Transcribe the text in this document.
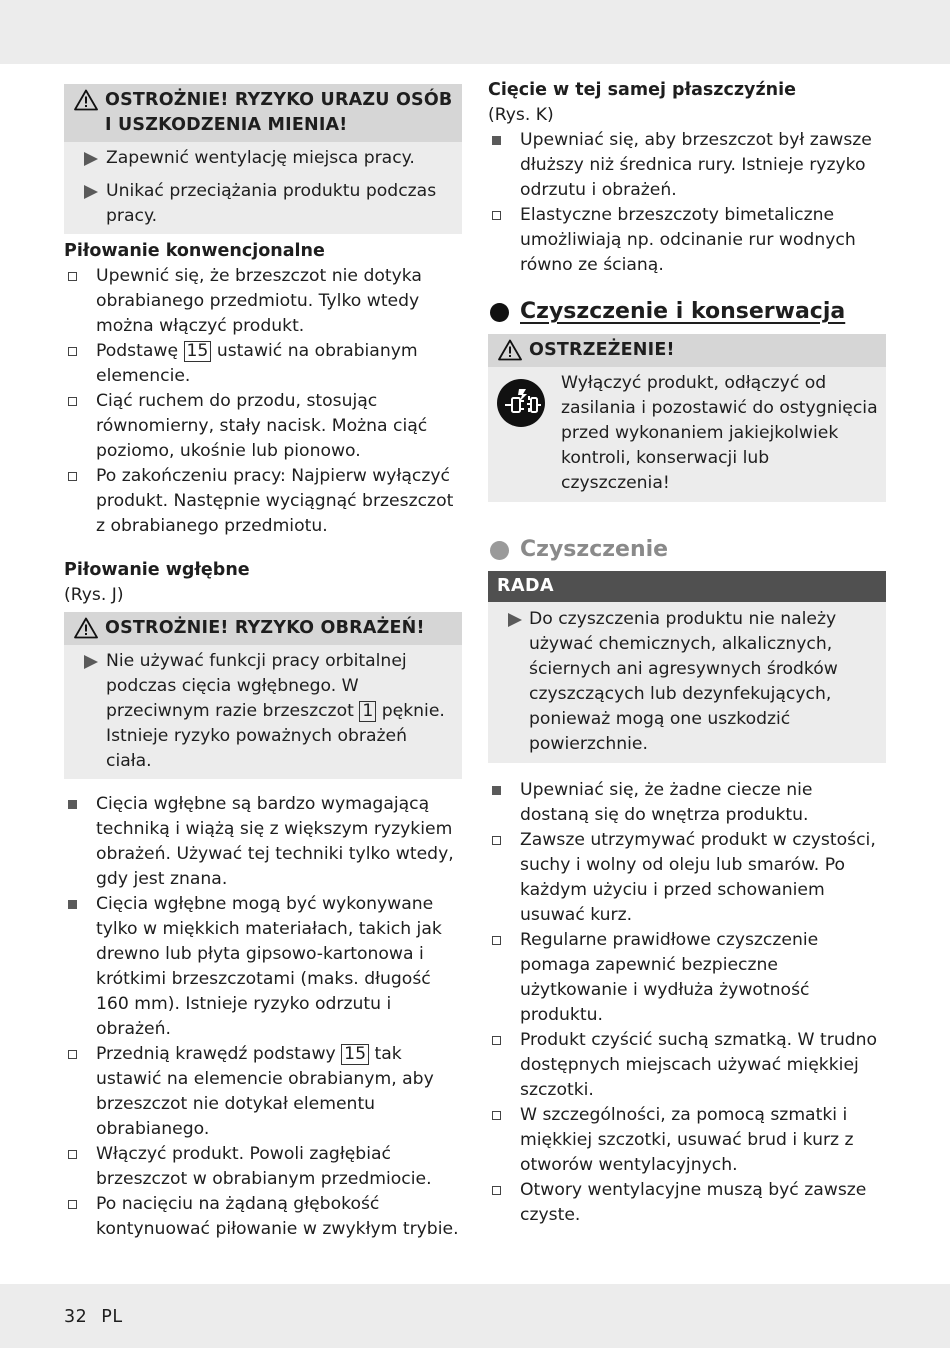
OSTROŻNIE! RYZYKO URAZU OSÓB I USZKODZENIA MIENIA!
Zapewnić wentylację miejsca pracy.
Unikać przeciążania produktu podczas pracy.

Piłowanie konwencjonalne

Upewnić się, że brzeszczot nie dotyka obrabianego przedmiotu. Tylko wtedy można włączyć produkt.
Podstawę 15 ustawić na obrabianym elemencie.
Ciąć ruchem do przodu, stosując równomierny, stały nacisk. Można ciąć poziomo, ukośnie lub pionowo.
Po zakończeniu pracy: Najpierw wyłączyć produkt. Następnie wyciągnąć brzeszczot z obrabianego przedmiotu.

Piłowanie wgłębne

(Rys. J)

OSTROŻNIE! RYZYKO OBRAŻEŃ!
Nie używać funkcji pracy orbitalnej podczas cięcia wgłębnego. W przeciwnym razie brzeszczot 1 pęknie. Istnieje ryzyko poważnych obrażeń ciała.
Cięcia wgłębne są bardzo wymagającą techniką i wiążą się z większym ryzykiem obrażeń. Używać tej techniki tylko wtedy, gdy jest znana.
Cięcia wgłębne mogą być wykonywane tylko w miękkich materiałach, takich jak drewno lub płyta gipsowo-kartonowa i krótkimi brzeszczotami (maks. długość 160 mm). Istnieje ryzyko odrzutu i obrażeń.
Przednią krawędź podstawy 15 tak ustawić na elemencie obrabianym, aby brzeszczot nie dotykał elementu obrabianego.
Włączyć produkt. Powoli zagłębiać brzeszczot w obrabianym przedmiocie.
Po nacięciu na żądaną głębokość kontynuować piłowanie w zwykłym trybie.

Cięcie w tej samej płaszczyźnie

(Rys. K)

Upewniać się, aby brzeszczot był zawsze dłuższy niż średnica rury. Istnieje ryzyko odrzutu i obrażeń.
Elastyczne brzeszczoty bimetaliczne umożliwiają np. odcinanie rur wodnych równo ze ścianą.
Czyszczenie i konserwacja
OSTRZEŻENIE!
Wyłączyć produkt, odłączyć od zasilania i pozostawić do ostygnięcia przed wykonaniem jakiejkolwiek kontroli, konserwacji lub czyszczenia!
Czyszczenie
RADA
Do czyszczenia produktu nie należy używać chemicznych, alkalicznych, ściernych ani agresywnych środków czyszczących lub dezynfekujących, ponieważ mogą one uszkodzić powierzchnie.
Upewniać się, że żadne ciecze nie dostaną się do wnętrza produktu.
Zawsze utrzymywać produkt w czystości, suchy i wolny od oleju lub smarów. Po każdym użyciu i przed schowaniem usuwać kurz.
Regularne prawidłowe czyszczenie pomaga zapewnić bezpieczne użytkowanie i wydłuża żywotność produktu.
Produkt czyścić suchą szmatką. W trudno dostępnych miejscach używać miękkiej szczotki.
W szczególności, za pomocą szmatki i miękkiej szczotki, usuwać brud i kurz z otworów wentylacyjnych.
Otwory wentylacyjne muszą być zawsze czyste.
32 PL
